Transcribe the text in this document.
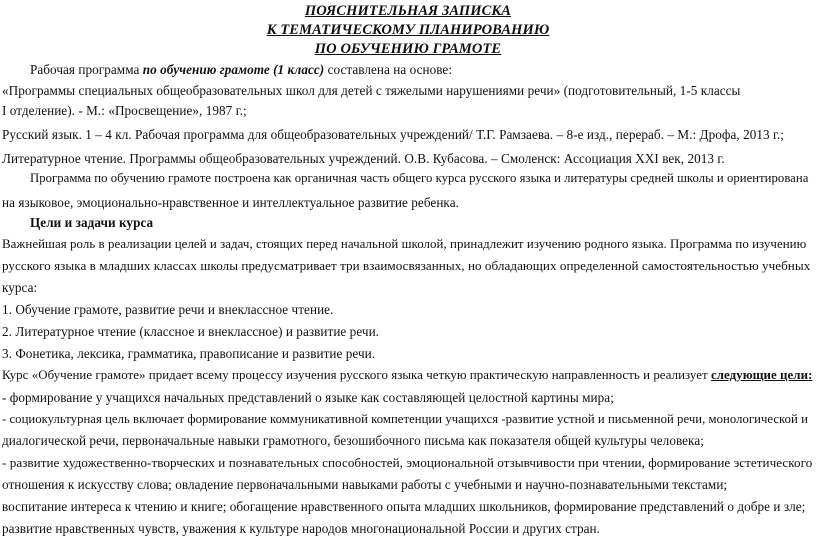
ПОЯСНИТЕЛЬНАЯ ЗАПИСКА
К ТЕМАТИЧЕСКОМУ ПЛАНИРОВАНИЮ
ПО ОБУЧЕНИЮ ГРАМОТЕ
Рабочая программа по обучению грамоте (1 класс) составлена на основе:
«Программы специальных общеобразовательных школ для детей с тяжелыми нарушениями речи» (подготовительный, 1-5 классы
I отделение). - М.: «Просвещение», 1987 г.;
Русский язык. 1 – 4 кл. Рабочая программа для общеобразовательных учреждений/ Т.Г. Рамзаева. – 8-е изд., перераб. – М.: Дрофа, 2013 г.;
Литературное чтение. Программы общеобразовательных учреждений. О.В. Кубасова. – Смоленск: Ассоциация XXI век, 2013 г.
Программа по обучению грамоте построена как органичная часть общего курса русского языка и литературы средней школы и ориентирована
на языковое, эмоционально-нравственное и интеллектуальное развитие ребенка.
Цели и задачи курса
Важнейшая роль в реализации целей и задач, стоящих перед начальной школой, принадлежит изучению родного языка. Программа по изучению
русского языка в младших классах школы предусматривает три взаимосвязанных, но обладающих определенной самостоятельностью учебных
курса:
1. Обучение грамоте, развитие речи и внеклассное чтение.
2. Литературное чтение (классное и внеклассное) и развитие речи.
3. Фонетика, лексика, грамматика, правописание и развитие речи.
Курс «Обучение грамоте» придает всему процессу изучения русского языка четкую практическую направленность и реализует следующие цели:
- формирование у учащихся начальных представлений о языке как составляющей целостной картины мира;
- социокультурная цель включает формирование коммуникативной компетенции учащихся -развитие устной и письменной речи, монологической и
диалогической речи, первоначальные навыки грамотного, безошибочного письма как показателя общей культуры человека;
- развитие художественно-творческих и познавательных способностей, эмоциональной отзывчивости при чтении, формирование эстетического
отношения к искусству слова; овладение первоначальными навыками работы с учебными и научно-познавательными текстами;
воспитание интереса к чтению и книге; обогащение нравственного опыта младших школьников, формирование представлений о добре и зле;
развитие нравственных чувств, уважения к культуре народов многонациональной России и других стран.
